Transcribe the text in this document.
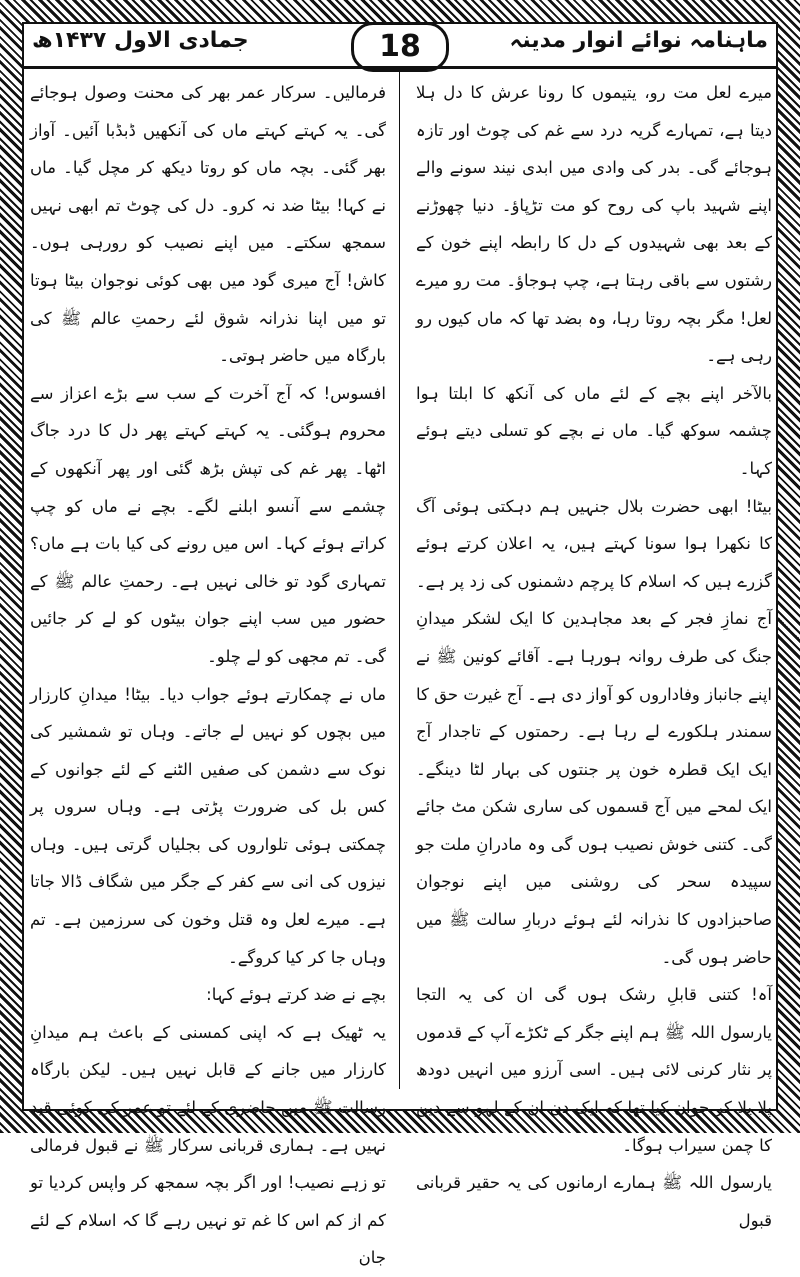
ماہنامہ نوائے انوار مدینہ
18
جمادی الاول ۱۴۳۷ھ

میرے لعل مت رو، یتیموں کا رونا عرش کا دل ہلا دیتا ہے، تمہارے گریہ درد سے غم کی چوٹ اور تازہ ہوجائے گی۔ بدر کی وادی میں ابدی نیند سونے والے اپنے شہید باپ کی روح کو مت تڑپاؤ۔ دنیا چھوڑنے کے بعد بھی شہیدوں کے دل کا رابطہ اپنے خون کے رشتوں سے باقی رہتا ہے، چپ ہوجاؤ۔ مت رو میرے لعل! مگر بچہ روتا رہا، وہ بضد تھا کہ ماں کیوں رو رہی ہے۔

بالآخر اپنے بچے کے لئے ماں کی آنکھ کا ابلتا ہوا چشمہ سوکھ گیا۔ ماں نے بچے کو تسلی دیتے ہوئے کہا۔

بیٹا! ابھی حضرت بلال جنہیں ہم دہکتی ہوئی آگ کا نکھرا ہوا سونا کہتے ہیں، یہ اعلان کرتے ہوئے گزرے ہیں کہ اسلام کا پرچم دشمنوں کی زد پر ہے۔ آج نمازِ فجر کے بعد مجاہدین کا ایک لشکر میدانِ جنگ کی طرف روانہ ہورہا ہے۔ آقائے کونین ﷺ نے اپنے جانباز وفاداروں کو آواز دی ہے۔ آج غیرت حق کا سمندر ہلکورے لے رہا ہے۔ رحمتوں کے تاجدار آج ایک ایک قطرہ خون پر جنتوں کی بہار لٹا دینگے۔ ایک لمحے میں آج قسموں کی ساری شکن مٹ جائے گی۔ کتنی خوش نصیب ہوں گی وہ مادرانِ ملت جو سپیدہ سحر کی روشنی میں اپنے نوجوان صاحبزادوں کا نذرانہ لئے ہوئے دربارِ سالت ﷺ میں حاضر ہوں گی۔

آہ! کتنی قابلِ رشک ہوں گی ان کی یہ التجا یارسول اللہ ﷺ ہم اپنے جگر کے ٹکڑے آپ کے قدموں پر نثار کرنی لائی ہیں۔ اسی آرزو میں انہیں دودھ پلا پلا کر جوان کیا تھا کہ ایک دن ان کے لہو سے دین کا چمن سیراب ہوگا۔

یارسول اللہ ﷺ ہمارے ارمانوں کی یہ حقیر قربانی قبول

فرمالیں۔ سرکار عمر بھر کی محنت وصول ہوجائے گی۔ یہ کہتے کہتے ماں کی آنکھیں ڈبڈبا آئیں۔ آواز بھر گئی۔ بچہ ماں کو روتا دیکھ کر مچل گیا۔ ماں نے کہا! بیٹا ضد نہ کرو۔ دل کی چوٹ تم ابھی نہیں سمجھ سکتے۔ میں اپنے نصیب کو رورہی ہوں۔ کاش! آج میری گود میں بھی کوئی نوجوان بیٹا ہوتا تو میں اپنا نذرانہ شوق لئے رحمتِ عالم ﷺ کی بارگاہ میں حاضر ہوتی۔

افسوس! کہ آج آخرت کے سب سے بڑے اعزاز سے محروم ہوگئی۔ یہ کہتے کہتے پھر دل کا درد جاگ اٹھا۔ پھر غم کی تپش بڑھ گئی اور پھر آنکھوں کے چشمے سے آنسو ابلنے لگے۔ بچے نے ماں کو چپ کراتے ہوئے کہا۔ اس میں رونے کی کیا بات ہے ماں؟ تمہاری گود تو خالی نہیں ہے۔ رحمتِ عالم ﷺ کے حضور میں سب اپنے جوان بیٹوں کو لے کر جائیں گی۔ تم مجھی کو لے چلو۔

ماں نے چمکارتے ہوئے جواب دیا۔ بیٹا! میدانِ کارزار میں بچوں کو نہیں لے جاتے۔ وہاں تو شمشیر کی نوک سے دشمن کی صفیں الٹنے کے لئے جوانوں کے کس بل کی ضرورت پڑتی ہے۔ وہاں سروں پر چمکتی ہوئی تلواروں کی بجلیاں گرتی ہیں۔ وہاں نیزوں کی انی سے کفر کے جگر میں شگاف ڈالا جاتا ہے۔ میرے لعل وہ قتل وخون کی سرزمین ہے۔ تم وہاں جا کر کیا کروگے۔

بچے نے ضد کرتے ہوئے کہا:

یہ ٹھیک ہے کہ اپنی کمسنی کے باعث ہم میدانِ کارزار میں جانے کے قابل نہیں ہیں۔ لیکن بارگاہ رسالت ﷺ میں حاضری کے لئے تو عمر کی کوئی قید نہیں ہے۔ ہماری قربانی سرکار ﷺ نے قبول فرمالی تو زہے نصیب! اور اگر بچہ سمجھ کر واپس کردیا تو کم از کم اس کا غم تو نہیں رہے گا کہ اسلام کے لئے جان
